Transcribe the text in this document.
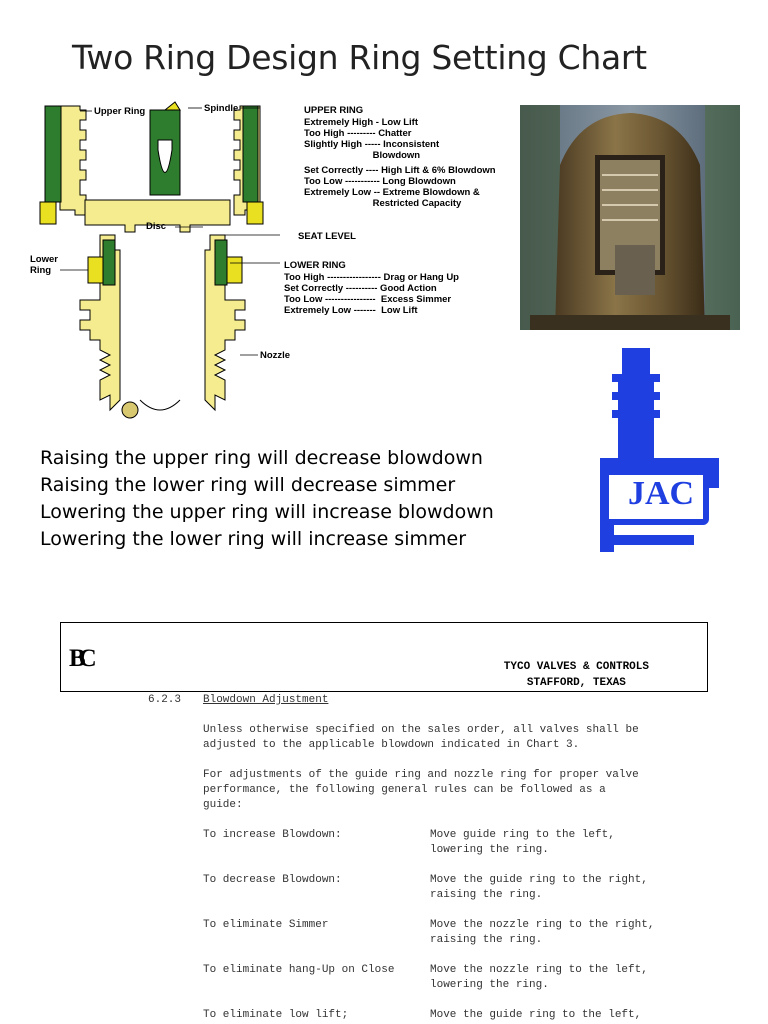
Two Ring Design Ring Setting Chart
Upper Ring	Spindle
Disc
SEAT LEVEL
Lower
Ring
Nozzle
UPPER RING
Extremely High - Low Lift
Too High --------- Chatter
Slightly High ----- Inconsistent
Blowdown
Set Correctly ---- High Lift & 6% Blowdown
Too Low ----------- Long Blowdown
Extremely Low -- Extreme Blowdown &
Restricted Capacity
LOWER RING
Too High ----------------- Drag or Hang Up
Set Correctly ---------- Good Action
Too Low ----------------  Excess Simmer
Extremely Low -------  Low Lift
JAC
Raising the upper ring will decrease blowdown
Raising the lower ring will decrease simmer
Lowering the upper ring will increase blowdown
Lowering the lower ring will increase simmer
BC	TYCO VALVES & CONTROLS
STAFFORD, TEXAS
6.2.3 Blowdown Adjustment
Unless otherwise specified on the sales order, all valves shall be
adjusted to the applicable blowdown indicated in Chart 3.
For adjustments of the guide ring and nozzle ring for proper valve
performance, the following general rules can be followed as a
guide:
To increase Blowdown:	Move guide ring to the left,
lowering the ring.
To decrease Blowdown:	Move the guide ring to the right,
raising the ring.
To eliminate Simmer	Move the nozzle ring to the right,
raising the ring.
To eliminate hang-Up on Close	Move the nozzle ring to the left,
lowering the ring.
To eliminate low lift;	Move the guide ring to the left,
